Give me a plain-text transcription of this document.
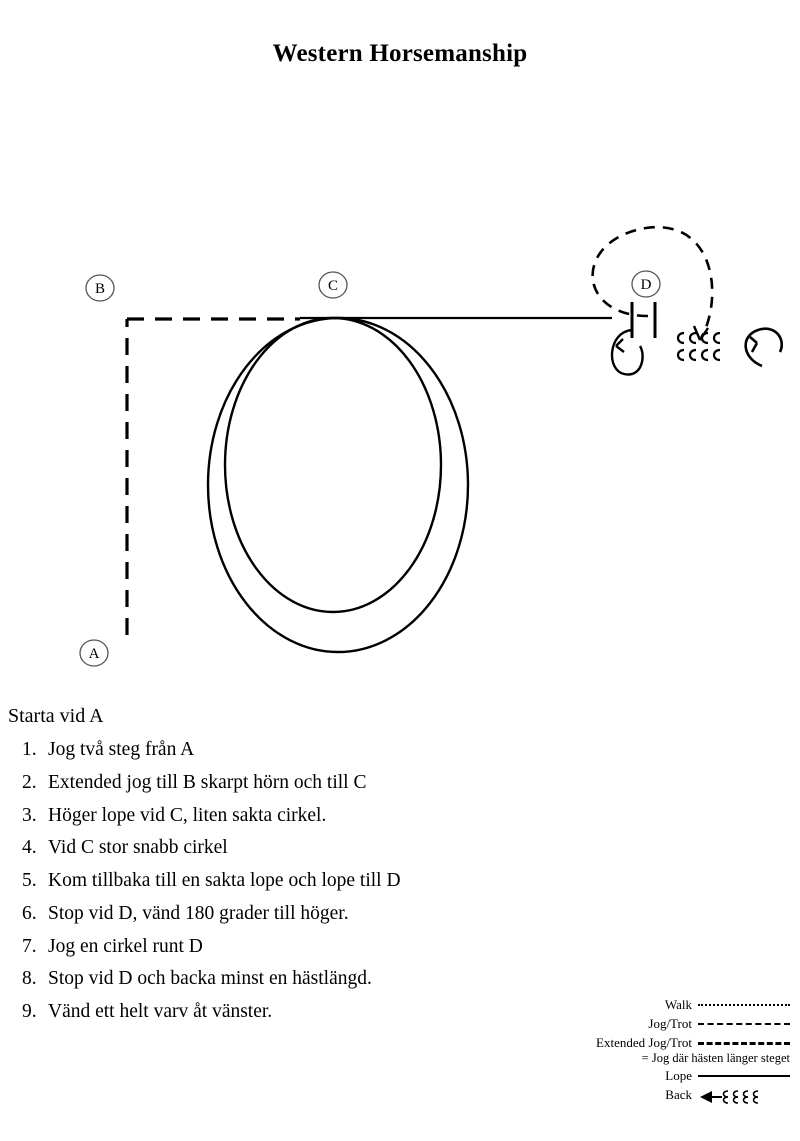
Western Horsemanship
B	C	D
A
Starta vid A
1. Jog två steg från A
2. Extended jog till B skarpt hörn och till C
3. Höger lope vid C, liten sakta cirkel.
4. Vid C stor snabb cirkel
5. Kom tillbaka till en sakta lope och lope till D
6. Stop vid D, vänd 180 grader till höger.
7. Jog en cirkel runt D
8. Stop vid D och backa minst en hästlängd.
9. Vänd ett helt varv åt vänster.	Walk
Jog/Trot
Extended Jog/Trot
= Jog där hästen länger steget
Lope
Back
